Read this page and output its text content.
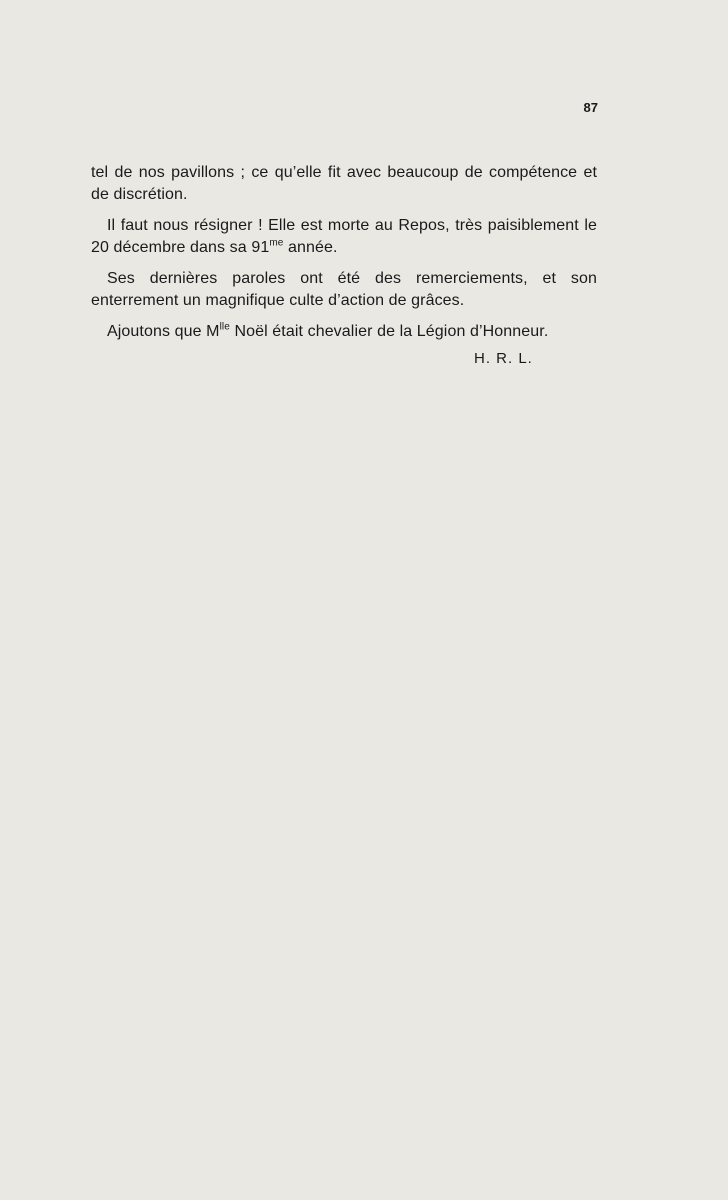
87

tel de nos pavillons ; ce qu’elle fit avec beaucoup de compétence et de discrétion.

Il faut nous résigner ! Elle est morte au Repos, très paisiblement le 20 décembre dans sa $91^{me}$ année.

Ses dernières paroles ont été des remerciements, et son enterrement un magnifique culte d’action de grâces.

Ajoutons que $M^{lle}$ Noël était chevalier de la Légion d’Honneur.

H. R. L.
